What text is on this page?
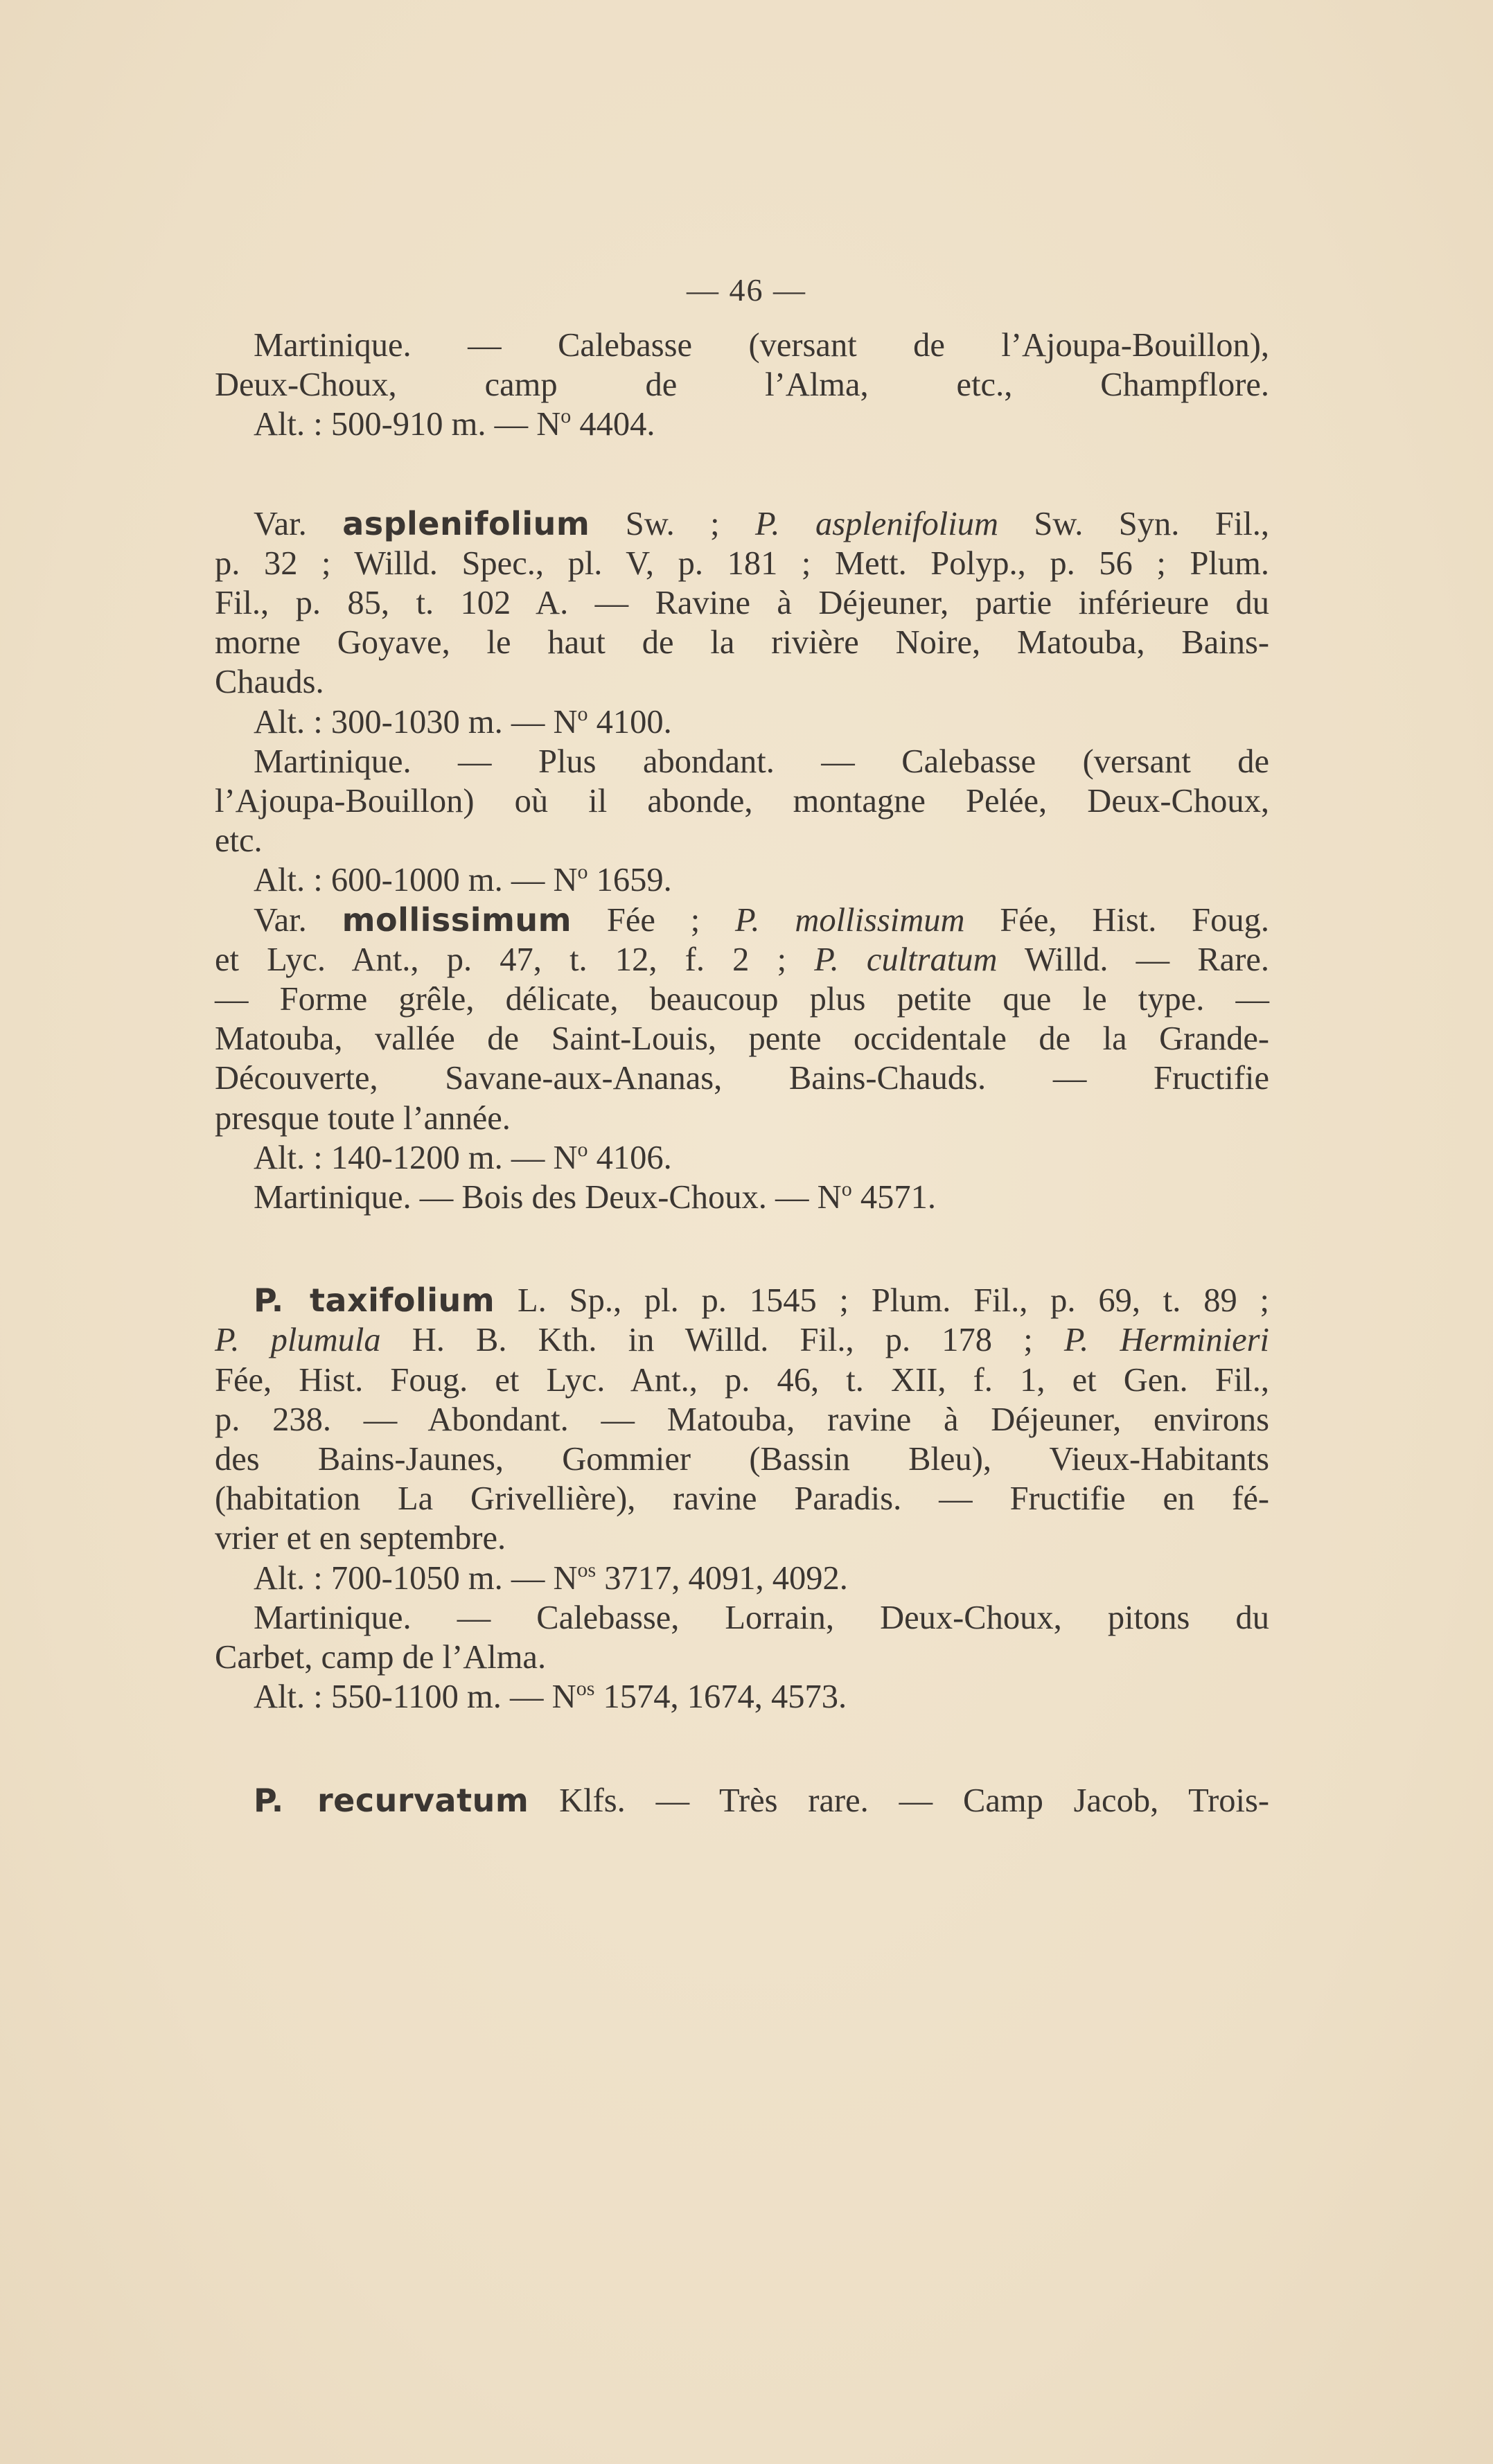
— 46 —

Martinique. — Calebasse (versant de l’Ajoupa-Bouillon),

Deux-Choux, camp de l’Alma, etc., Champflore.

Alt. : 500-910 m. — $N^o$ 4404.

Var. asplenifolium Sw. ; P. asplenifolium Sw. Syn. Fil.,

p. 32 ; Willd. Spec., pl. V, p. 181 ; Mett. Polyp., p. 56 ; Plum.

Fil., p. 85, t. 102 A. — Ravine à Déjeuner, partie inférieure du

morne Goyave, le haut de la rivière Noire, Matouba, Bains-

Chauds.

Alt. : 300-1030 m. — $N^o$ 4100.

Martinique. — Plus abondant. — Calebasse (versant de

l’Ajoupa-Bouillon) où il abonde, montagne Pelée, Deux-Choux,

etc.

Alt. : 600-1000 m. — $N^o$ 1659.

Var. mollissimum Fée ; P. mollissimum Fée, Hist. Foug.

et Lyc. Ant., p. 47, t. 12, f. 2 ; P. cultratum Willd. — Rare.

— Forme grêle, délicate, beaucoup plus petite que le type. —

Matouba, vallée de Saint-Louis, pente occidentale de la Grande-

Découverte, Savane-aux-Ananas, Bains-Chauds. — Fructifie

presque toute l’année.

Alt. : 140-1200 m. — $N^o$ 4106.

Martinique. — Bois des Deux-Choux. — $N^o$ 4571.

P. taxifolium L. Sp., pl. p. 1545 ; Plum. Fil., p. 69, t. 89 ;

P. plumula H. B. Kth. in Willd. Fil., p. 178 ; P. Herminieri

Fée, Hist. Foug. et Lyc. Ant., p. 46, t. XII, f. 1, et Gen. Fil.,

p. 238. — Abondant. — Matouba, ravine à Déjeuner, environs

des Bains-Jaunes, Gommier (Bassin Bleu), Vieux-Habitants

(habitation La Grivellière), ravine Paradis. — Fructifie en fé-

vrier et en septembre.

Alt. : 700-1050 m. — $N^{os}$ 3717, 4091, 4092.

Martinique. — Calebasse, Lorrain, Deux-Choux, pitons du

Carbet, camp de l’Alma.

Alt. : 550-1100 m. — $N^{os}$ 1574, 1674, 4573.

P. recurvatum Klfs. — Très rare. — Camp Jacob, Trois-
